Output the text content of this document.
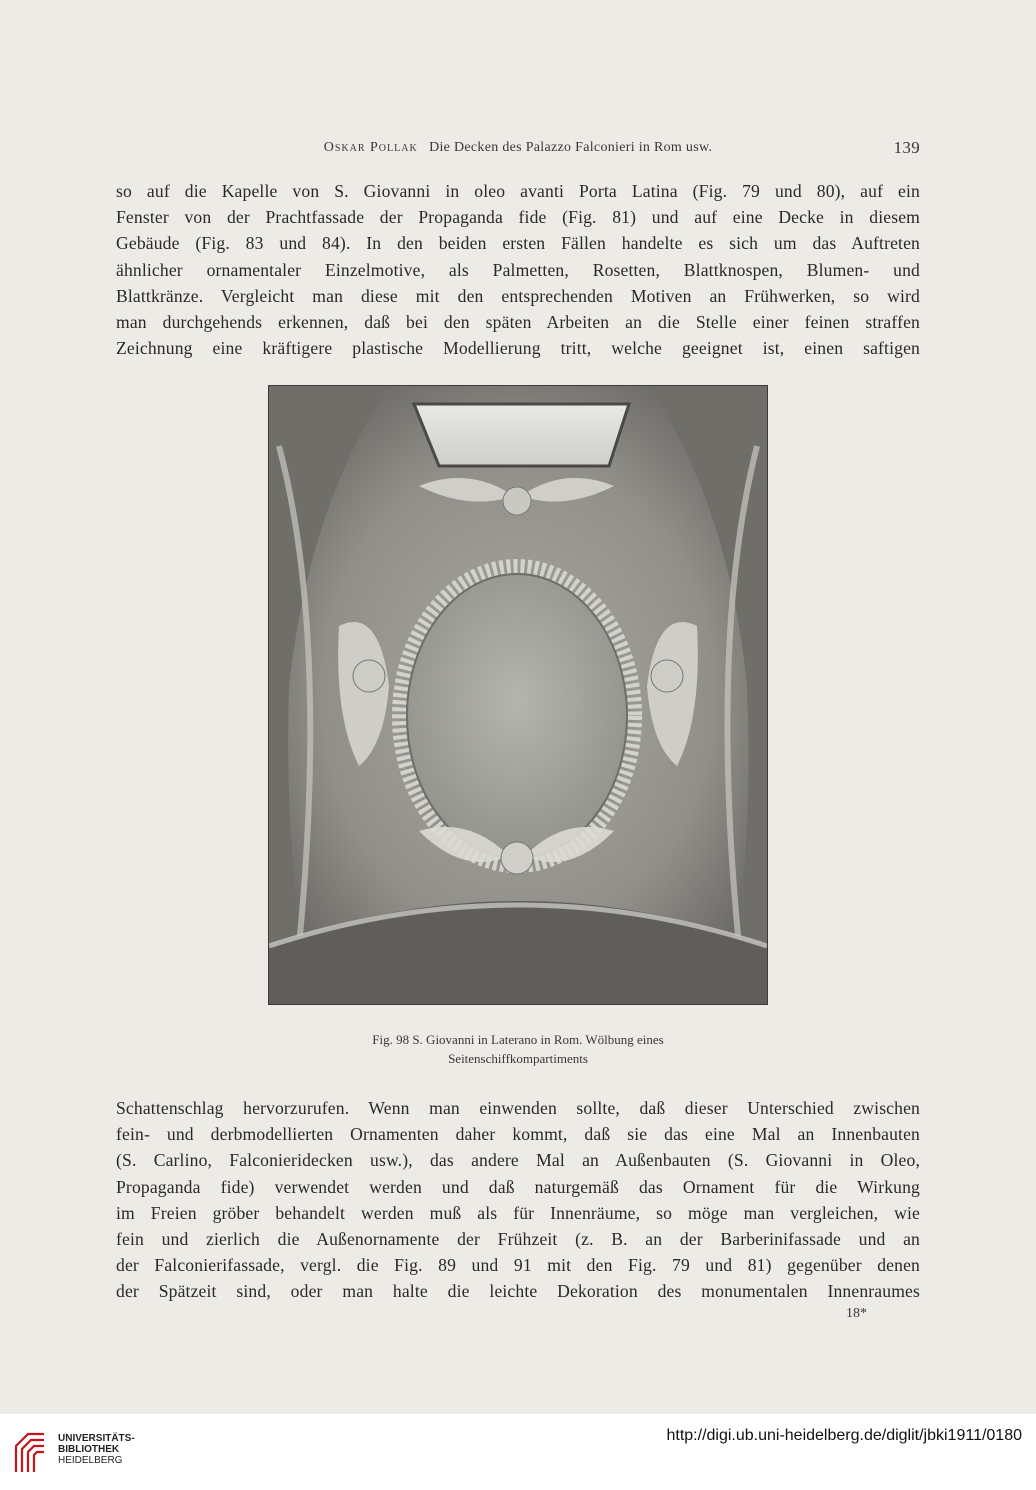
Oskar Pollak Die Decken des Palazzo Falconieri in Rom usw.	139

so auf die Kapelle von S. Giovanni in oleo avanti Porta Latina (Fig. 79 und 80), auf ein

Fenster von der Prachtfassade der Propaganda fide (Fig. 81) und auf eine Decke in diesem

Gebäude (Fig. 83 und 84). In den beiden ersten Fällen handelte es sich um das Auftreten

ähnlicher ornamentaler Einzelmotive, als Palmetten, Rosetten, Blattknospen, Blumen- und

Blattkränze. Vergleicht man diese mit den entsprechenden Motiven an Frühwerken, so wird

man durchgehends erkennen, daß bei den späten Arbeiten an die Stelle einer feinen straffen

Zeichnung eine kräftigere plastische Modellierung tritt, welche geeignet ist, einen saftigen

Fig. 98 S. Giovanni in Laterano in Rom. Wölbung eines
Seitenschiffkompartiments

Schattenschlag hervorzurufen. Wenn man einwenden sollte, daß dieser Unterschied zwischen

fein- und derbmodellierten Ornamenten daher kommt, daß sie das eine Mal an Innenbauten

(S. Carlino, Falconieridecken usw.), das andere Mal an Außenbauten (S. Giovanni in Oleo,

Propaganda fide) verwendet werden und daß naturgemäß das Ornament für die Wirkung

im Freien gröber behandelt werden muß als für Innenräume, so möge man vergleichen, wie

fein und zierlich die Außenornamente der Frühzeit (z. B. an der Barberinifassade und an

der Falconierifassade, vergl. die Fig. 89 und 91 mit den Fig. 79 und 81) gegenüber denen

der Spätzeit sind, oder man halte die leichte Dekoration des monumentalen Innenraumes

18*
UNIVERSITÄTS-
BIBLIOTHEK
HEIDELBERG
http://digi.ub.uni-heidelberg.de/diglit/jbki1911/0180
